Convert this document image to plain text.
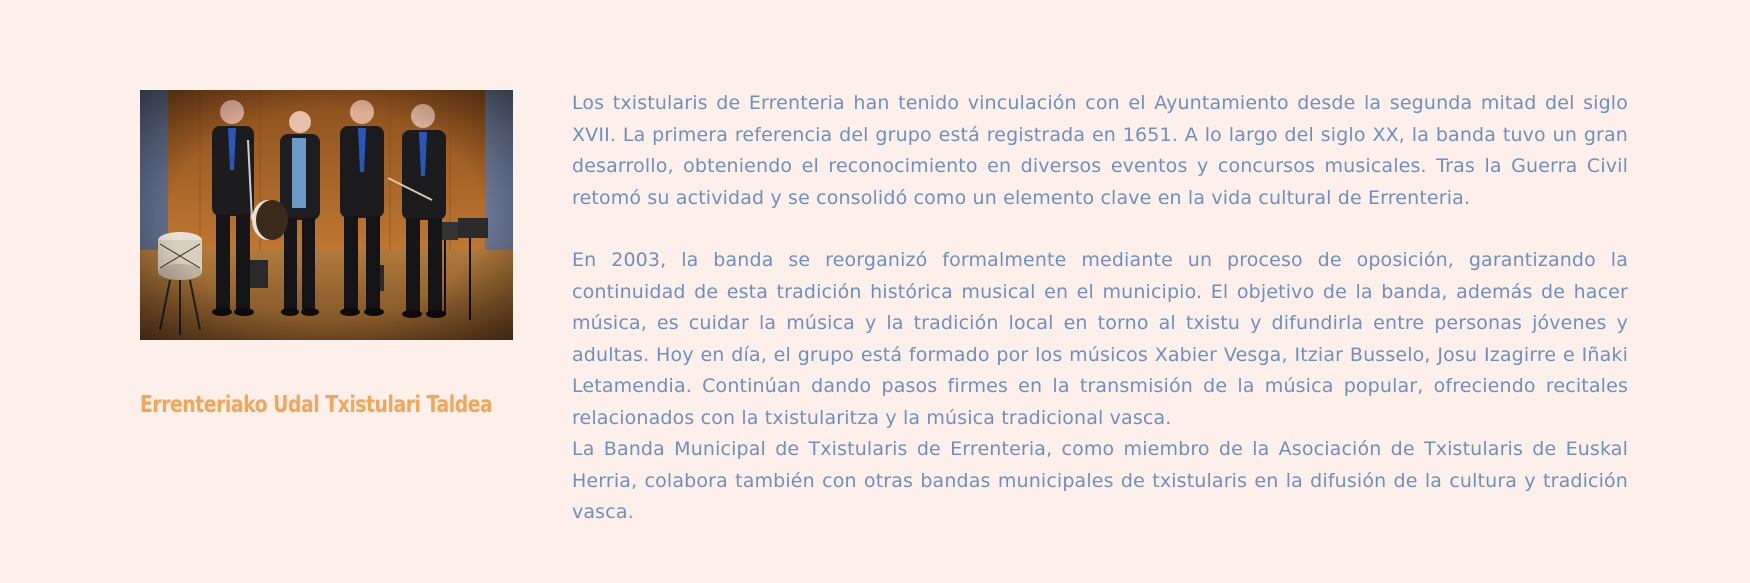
Errenteriako Udal Txistulari Taldea

Los txistularis de Errenteria han tenido vinculación con el Ayuntamiento desde la segunda mitad del siglo XVII. La primera referencia del grupo está registrada en 1651. A lo largo del siglo XX, la banda tuvo un gran desarrollo, obteniendo el reconocimiento en diversos eventos y concursos musicales. Tras la Guerra Civil retomó su actividad y se consolidó como un elemento clave en la vida cultural de Errenteria.

En 2003, la banda se reorganizó formalmente mediante un proceso de oposición, garantizando la continuidad de esta tradición histórica musical en el municipio. El objetivo de la banda, además de hacer música, es cuidar la música y la tradición local en torno al txistu y difundirla entre personas jóvenes y adultas. Hoy en día, el grupo está formado por los músicos Xabier Vesga, Itziar Busselo, Josu Izagirre e Iñaki Letamendia. Continúan dando pasos firmes en la transmisión de la música popular, ofreciendo recitales relacionados con la txistularitza y la música tradicional vasca.

La Banda Municipal de Txistularis de Errenteria, como miembro de la Asociación de Txistularis de Euskal Herria, colabora también con otras bandas municipales de txistularis en la difusión de la cultura y tradición vasca.
